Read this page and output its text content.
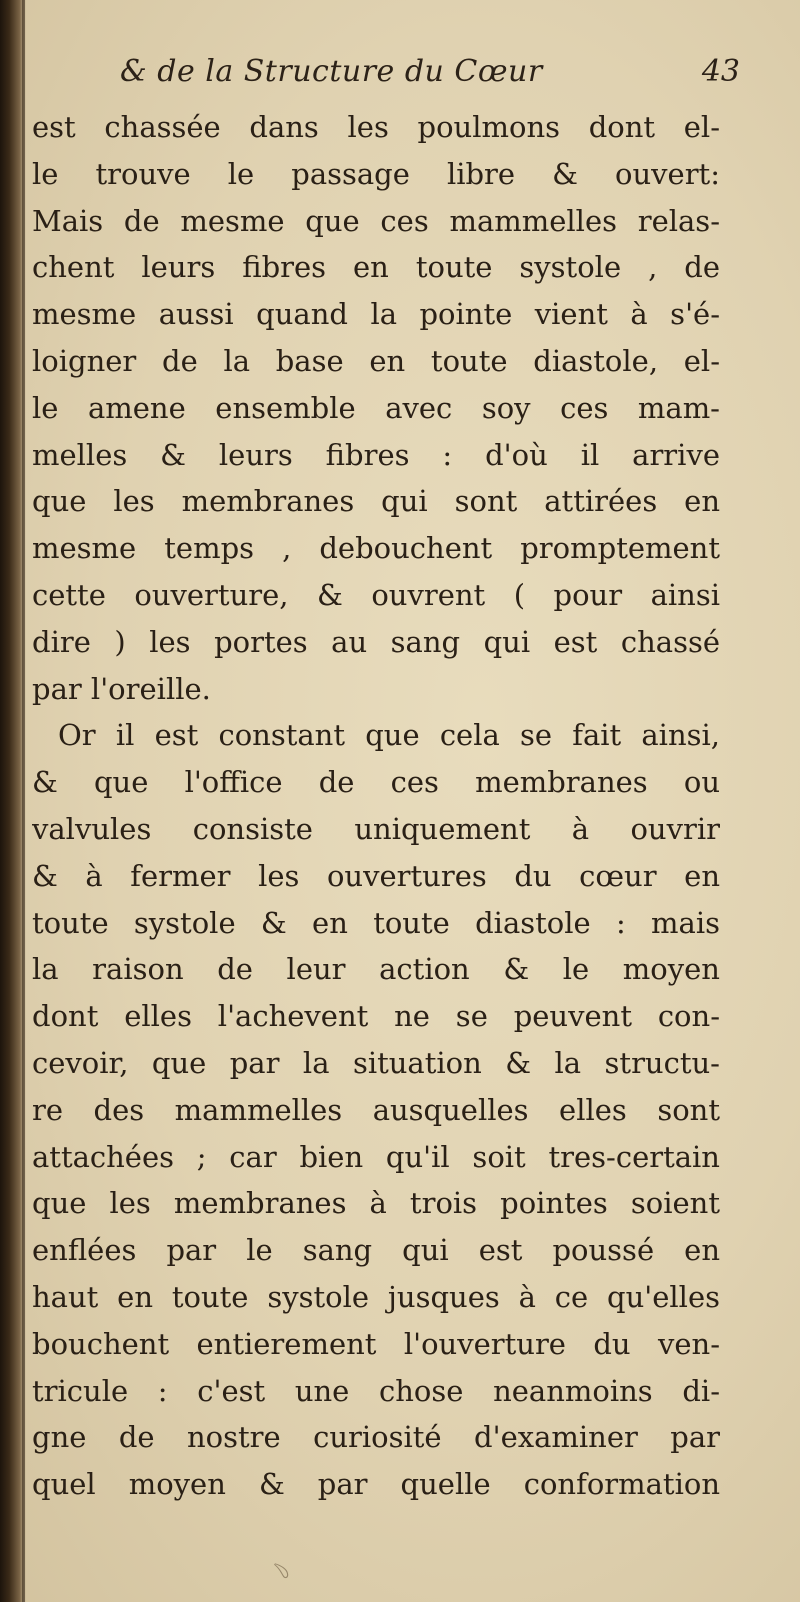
& de la Structure du Cœur	43
est chassée dans les poulmons dont el-
le trouve le passage libre & ouvert:
Mais de mesme que ces mammelles relas-
chent leurs fibres en toute systole , de
mesme aussi quand la pointe vient à s'é-
loigner de la base en toute diastole, el-
le amene ensemble avec soy ces mam-
melles & leurs fibres : d'où il arrive
que les membranes qui sont attirées en
mesme temps , debouchent promptement
cette ouverture, & ouvrent ( pour ainsi
dire ) les portes au sang qui est chassé
par l'oreille.
Or il est constant que cela se fait ainsi,
& que l'office de ces membranes ou
valvules consiste uniquement à ouvrir
& à fermer les ouvertures du cœur en
toute systole & en toute diastole : mais
la raison de leur action & le moyen
dont elles l'achevent ne se peuvent con-
cevoir, que par la situation & la structu-
re des mammelles ausquelles elles sont
attachées ; car bien qu'il soit tres-certain
que les membranes à trois pointes soient
enflées par le sang qui est poussé en
haut en toute systole jusques à ce qu'elles
bouchent entierement l'ouverture du ven-
tricule : c'est une chose neanmoins di-
gne de nostre curiosité d'examiner par
quel moyen & par quelle conformation
﹆
